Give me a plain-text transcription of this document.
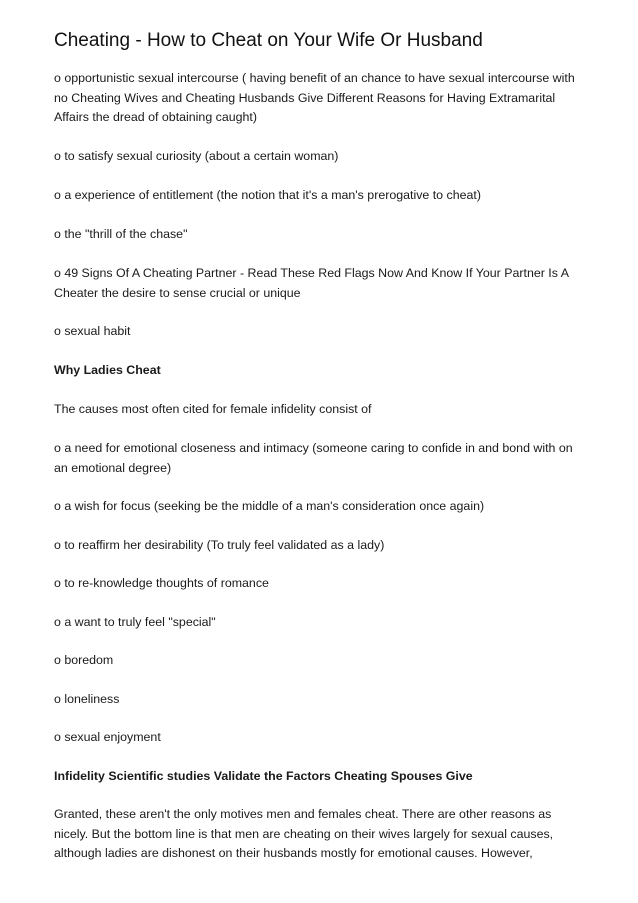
Cheating - How to Cheat on Your Wife Or Husband
o opportunistic sexual intercourse ( having benefit of an chance to have sexual intercourse with no Cheating Wives and Cheating Husbands Give Different Reasons for Having Extramarital Affairs the dread of obtaining caught)
o to satisfy sexual curiosity (about a certain woman)
o a experience of entitlement (the notion that it's a man's prerogative to cheat)
o the "thrill of the chase"
o 49 Signs Of A Cheating Partner - Read These Red Flags Now And Know If Your Partner Is A Cheater the desire to sense crucial or unique
o sexual habit
Why Ladies Cheat
The causes most often cited for female infidelity consist of
o a need for emotional closeness and intimacy (someone caring to confide in and bond with on an emotional degree)
o a wish for focus (seeking be the middle of a man's consideration once again)
o to reaffirm her desirability (To truly feel validated as a lady)
o to re-knowledge thoughts of romance
o a want to truly feel "special"
o boredom
o loneliness
o sexual enjoyment
Infidelity Scientific studies Validate the Factors Cheating Spouses Give
Granted, these aren't the only motives men and females cheat. There are other reasons as nicely. But the bottom line is that men are cheating on their wives largely for sexual causes, although ladies are dishonest on their husbands mostly for emotional causes. However,
